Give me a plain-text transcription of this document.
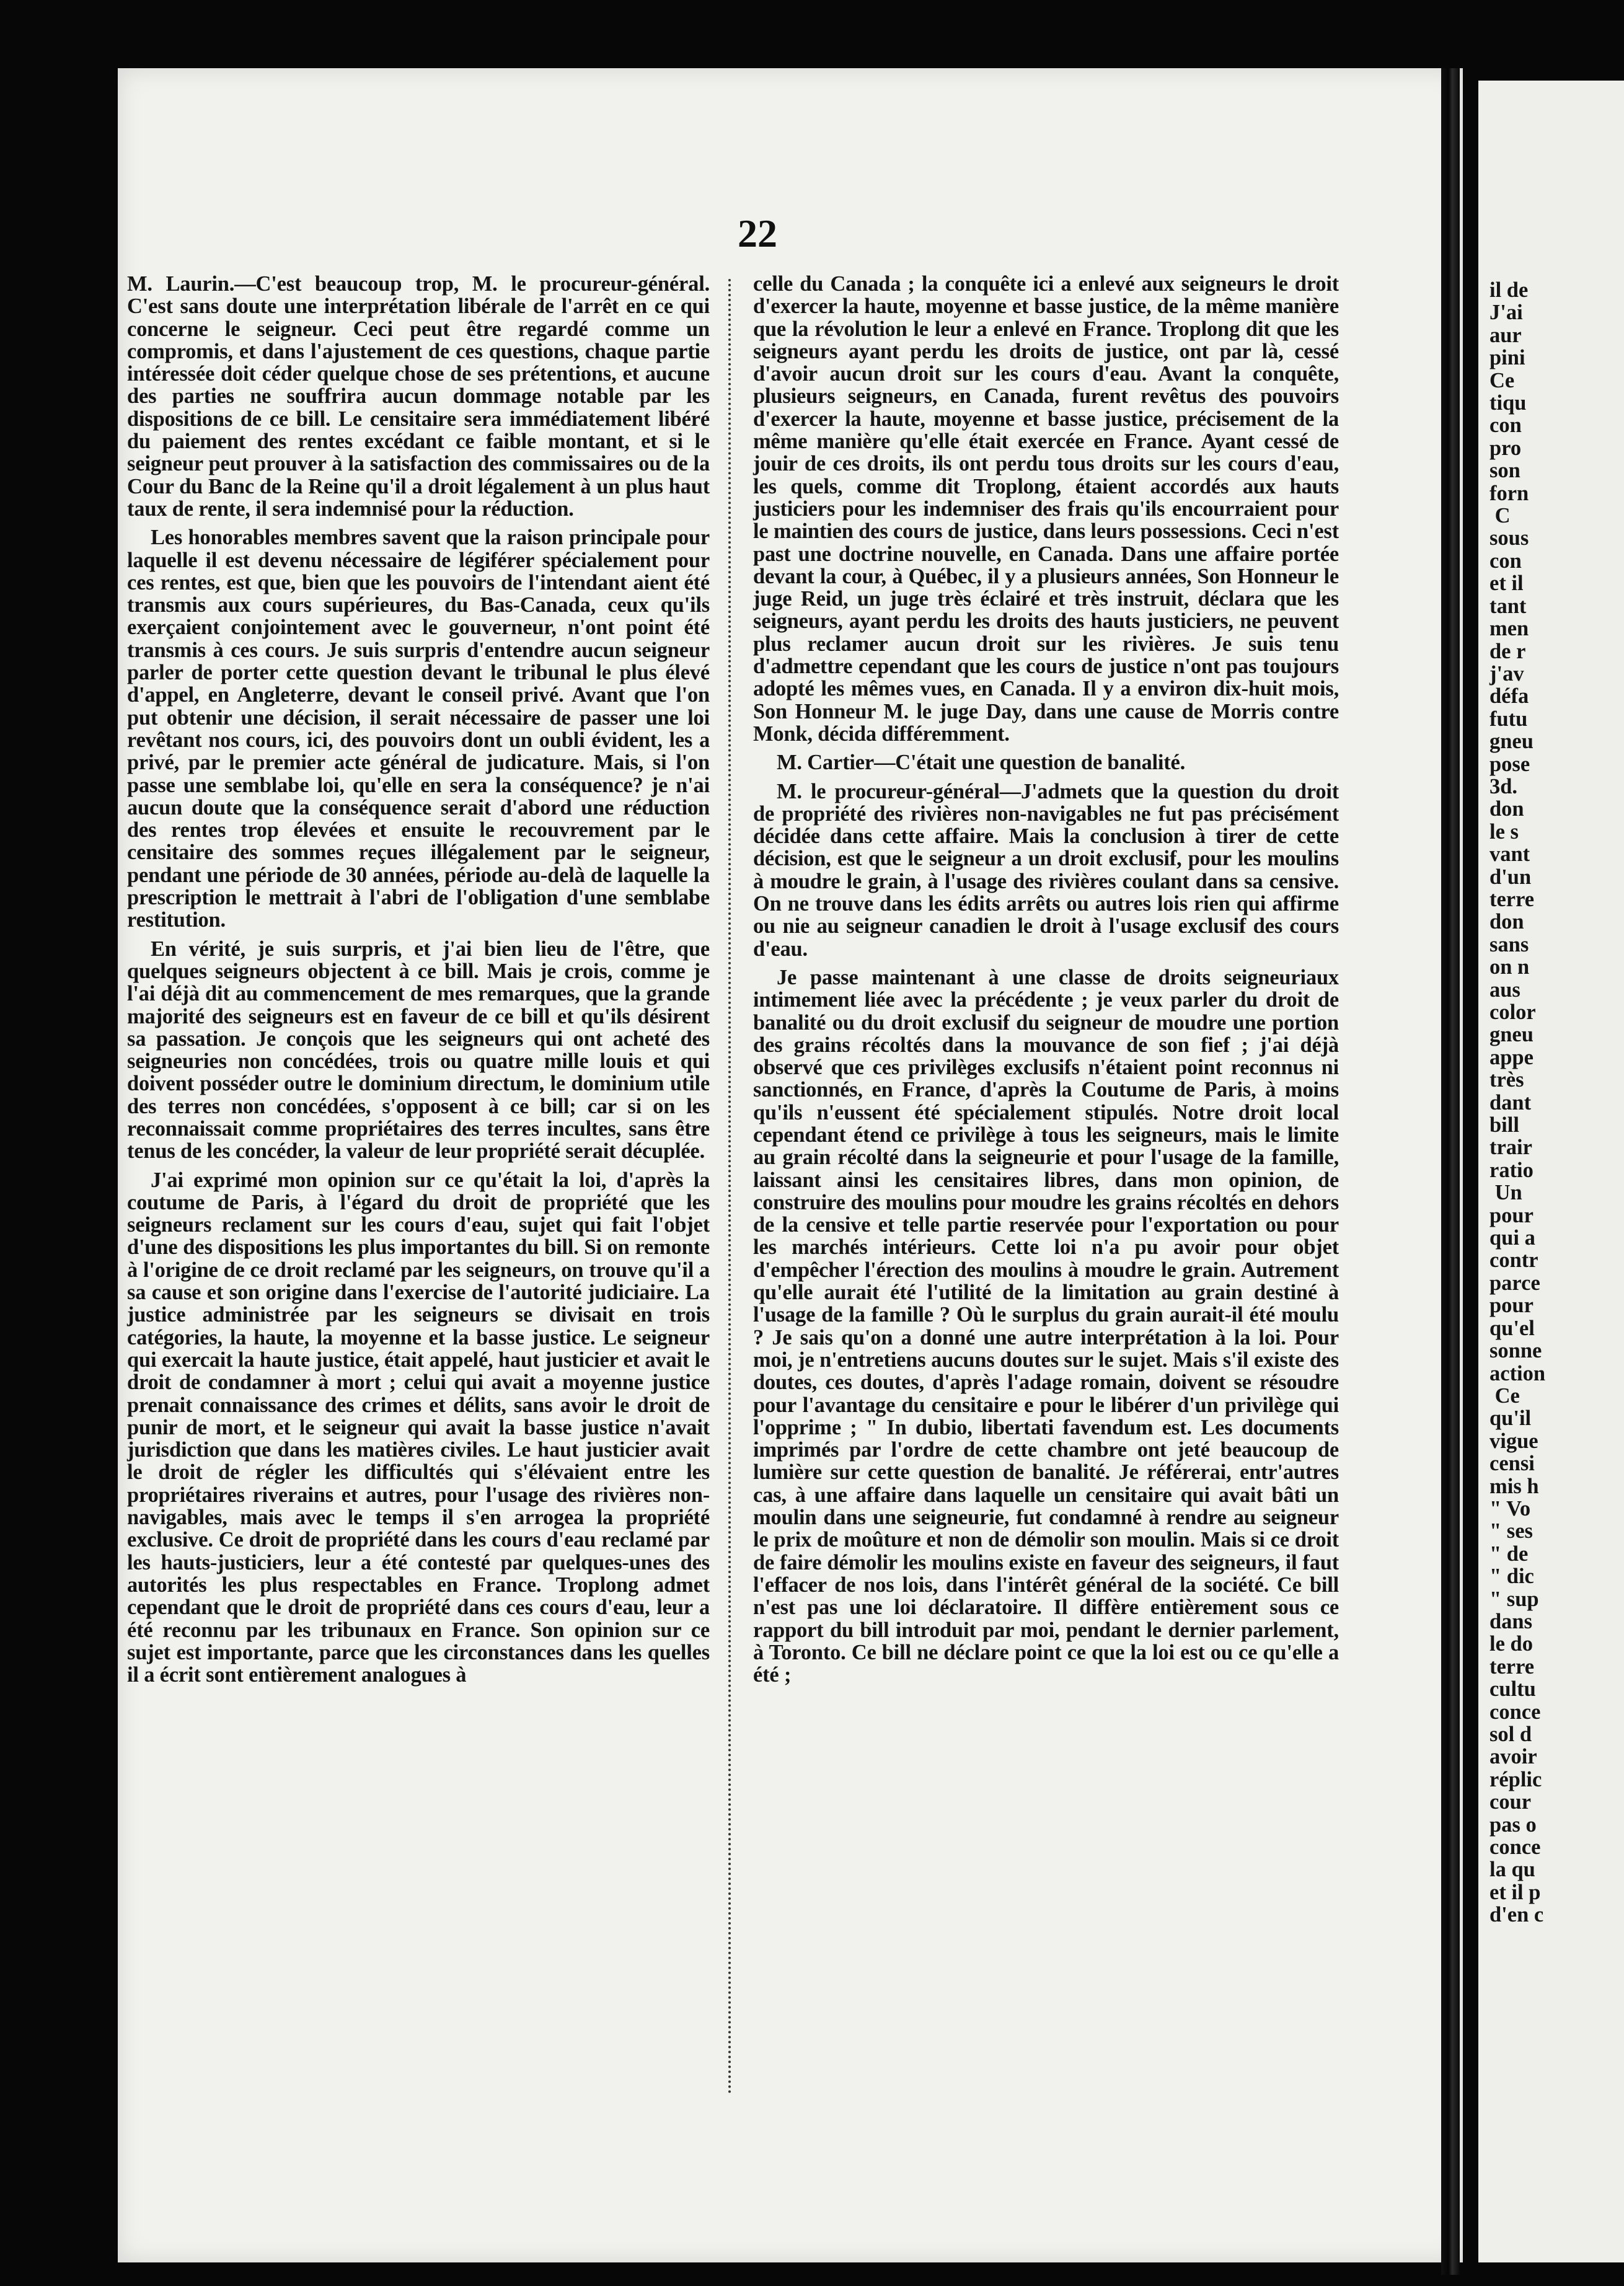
22

M. Laurin.—C'est beaucoup trop, M. le procureur-général. C'est sans doute une interprétation libérale de l'arrêt en ce qui concerne le seigneur. Ceci peut être regardé comme un compromis, et dans l'ajustement de ces questions, chaque partie intéressée doit céder quelque chose de ses prétentions, et aucune des parties ne souffrira aucun dommage notable par les dispositions de ce bill. Le censitaire sera immédiatement libéré du paiement des rentes excédant ce faible montant, et si le seigneur peut prouver à la satisfaction des commissaires ou de la Cour du Banc de la Reine qu'il a droit légalement à un plus haut taux de rente, il sera indemnisé pour la réduction.

Les honorables membres savent que la raison principale pour laquelle il est devenu nécessaire de légiférer spécialement pour ces rentes, est que, bien que les pouvoirs de l'intendant aient été transmis aux cours supérieures, du Bas-Canada, ceux qu'ils exerçaient conjointement avec le gouverneur, n'ont point été transmis à ces cours. Je suis surpris d'entendre aucun seigneur parler de porter cette question devant le tribunal le plus élevé d'appel, en Angleterre, devant le conseil privé. Avant que l'on put obtenir une décision, il serait nécessaire de passer une loi revêtant nos cours, ici, des pouvoirs dont un oubli évident, les a privé, par le premier acte général de judicature. Mais, si l'on passe une semblabe loi, qu'elle en sera la conséquence? je n'ai aucun doute que la conséquence serait d'abord une réduction des rentes trop élevées et ensuite le recouvrement par le censitaire des sommes reçues illégalement par le seigneur, pendant une période de 30 années, période au-delà de laquelle la prescription le mettrait à l'abri de l'obligation d'une semblabe restitution.

En vérité, je suis surpris, et j'ai bien lieu de l'être, que quelques seigneurs objectent à ce bill. Mais je crois, comme je l'ai déjà dit au commencement de mes remarques, que la grande majorité des seigneurs est en faveur de ce bill et qu'ils désirent sa passation. Je conçois que les seigneurs qui ont acheté des seigneuries non concédées, trois ou quatre mille louis et qui doivent posséder outre le dominium directum, le dominium utile des terres non concédées, s'opposent à ce bill; car si on les reconnaissait comme propriétaires des terres incultes, sans être tenus de les concéder, la valeur de leur propriété serait décuplée.

J'ai exprimé mon opinion sur ce qu'était la loi, d'après la coutume de Paris, à l'égard du droit de propriété que les seigneurs reclament sur les cours d'eau, sujet qui fait l'objet d'une des dispositions les plus importantes du bill. Si on remonte à l'origine de ce droit reclamé par les seigneurs, on trouve qu'il a sa cause et son origine dans l'exercise de l'autorité judiciaire. La justice administrée par les seigneurs se divisait en trois catégories, la haute, la moyenne et la basse justice. Le seigneur qui exercait la haute justice, était appelé, haut justicier et avait le droit de condamner à mort ; celui qui avait a moyenne justice prenait connaissance des crimes et délits, sans avoir le droit de punir de mort, et le seigneur qui avait la basse justice n'avait jurisdiction que dans les matières civiles. Le haut justicier avait le droit de régler les difficultés qui s'élévaient entre les propriétaires riverains et autres, pour l'usage des rivières non-navigables, mais avec le temps il s'en arrogea la propriété exclusive. Ce droit de propriété dans les cours d'eau reclamé par les hauts-justiciers, leur a été contesté par quelques-unes des autorités les plus respectables en France. Troplong admet cependant que le droit de propriété dans ces cours d'eau, leur a été reconnu par les tribunaux en France. Son opinion sur ce sujet est importante, parce que les circonstances dans les quelles il a écrit sont entièrement analogues à

celle du Canada ; la conquête ici a enlevé aux seigneurs le droit d'exercer la haute, moyenne et basse justice, de la même manière que la révolution le leur a enlevé en France. Troplong dit que les seigneurs ayant perdu les droits de justice, ont par là, cessé d'avoir aucun droit sur les cours d'eau. Avant la conquête, plusieurs seigneurs, en Canada, furent revêtus des pouvoirs d'exercer la haute, moyenne et basse justice, précisement de la même manière qu'elle était exercée en France. Ayant cessé de jouir de ces droits, ils ont perdu tous droits sur les cours d'eau, les quels, comme dit Troplong, étaient accordés aux hauts justiciers pour les indemniser des frais qu'ils encourraient pour le maintien des cours de justice, dans leurs possessions. Ceci n'est past une doctrine nouvelle, en Canada. Dans une affaire portée devant la cour, à Québec, il y a plusieurs années, Son Honneur le juge Reid, un juge très éclairé et très instruit, déclara que les seigneurs, ayant perdu les droits des hauts justiciers, ne peuvent plus reclamer aucun droit sur les rivières. Je suis tenu d'admettre cependant que les cours de justice n'ont pas toujours adopté les mêmes vues, en Canada. Il y a environ dix-huit mois, Son Honneur M. le juge Day, dans une cause de Morris contre Monk, décida différemment.

M. Cartier—C'était une question de banalité.

M. le procureur-général—J'admets que la question du droit de propriété des rivières non-navigables ne fut pas précisément décidée dans cette affaire. Mais la conclusion à tirer de cette décision, est que le seigneur a un droit exclusif, pour les moulins à moudre le grain, à l'usage des rivières coulant dans sa censive. On ne trouve dans les édits arrêts ou autres lois rien qui affirme ou nie au seigneur canadien le droit à l'usage exclusif des cours d'eau.

Je passe maintenant à une classe de droits seigneuriaux intimement liée avec la précédente ; je veux parler du droit de banalité ou du droit exclusif du seigneur de moudre une portion des grains récoltés dans la mouvance de son fief ; j'ai déjà observé que ces privilèges exclusifs n'étaient point reconnus ni sanctionnés, en France, d'après la Coutume de Paris, à moins qu'ils n'eussent été spécialement stipulés. Notre droit local cependant étend ce privilège à tous les seigneurs, mais le limite au grain récolté dans la seigneurie et pour l'usage de la famille, laissant ainsi les censitaires libres, dans mon opinion, de construire des moulins pour moudre les grains récoltés en dehors de la censive et telle partie reservée pour l'exportation ou pour les marchés intérieurs. Cette loi n'a pu avoir pour objet d'empêcher l'érection des moulins à moudre le grain. Autrement qu'elle aurait été l'utilité de la limitation au grain destiné à l'usage de la famille ? Où le surplus du grain aurait-il été moulu ? Je sais qu'on a donné une autre interprétation à la loi. Pour moi, je n'entretiens aucuns doutes sur le sujet. Mais s'il existe des doutes, ces doutes, d'après l'adage romain, doivent se résoudre pour l'avantage du censitaire e pour le libérer d'un privilège qui l'opprime ; " In dubio, libertati favendum est. Les documents imprimés par l'ordre de cette chambre ont jeté beaucoup de lumière sur cette question de banalité. Je référerai, entr'autres cas, à une affaire dans laquelle un censitaire qui avait bâti un moulin dans une seigneurie, fut condamné à rendre au seigneur le prix de moûture et non de démolir son moulin. Mais si ce droit de faire démolir les moulins existe en faveur des seigneurs, il faut l'effacer de nos lois, dans l'intérêt général de la société. Ce bill n'est pas une loi déclaratoire. Il diffère entièrement sous ce rapport du bill introduit par moi, pendant le dernier parlement, à Toronto. Ce bill ne déclare point ce que la loi est ou ce qu'elle a été ;

il de
J'ai
aur
pini
Ce
tiqu
con
pro
son
forn
C
sous
con
et il
tant
men
de r
j'av
défa
futu
gneu
pose
3d.
don
le s
vant
d'un
terre
don
sans
on n
aus
color
gneu
appe
très
dant
bill
trair
ratio
Un
pour
qui a
contr
parce
pour
qu'el
sonne
action
Ce
qu'il
vigue
censi
mis h
" Vo
" ses
" de
" dic
" sup
dans
le do
terre
cultu
conce
sol d
avoir
réplic
cour
pas o
conce
la qu
et il p
d'en c
